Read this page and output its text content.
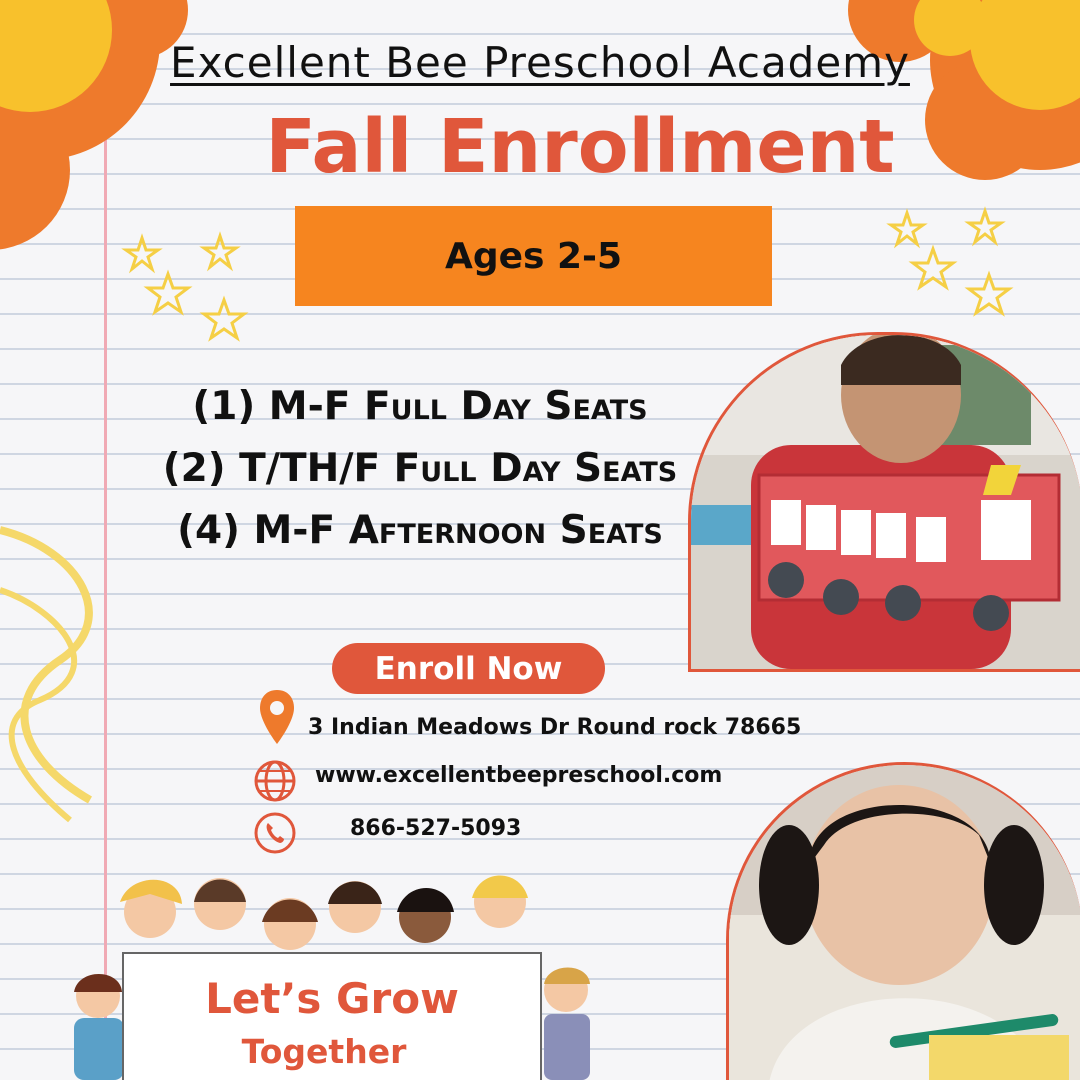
Excellent Bee Preschool Academy
Fall Enrollment
Ages 2-5
(1) M-F Full Day Seats
(2) T/TH/F Full Day Seats
(4) M-F Afternoon Seats
Enroll Now
3 Indian Meadows Dr Round rock 78665
www.excellentbeepreschool.com
866-527-5093
Let’s Grow
Together
